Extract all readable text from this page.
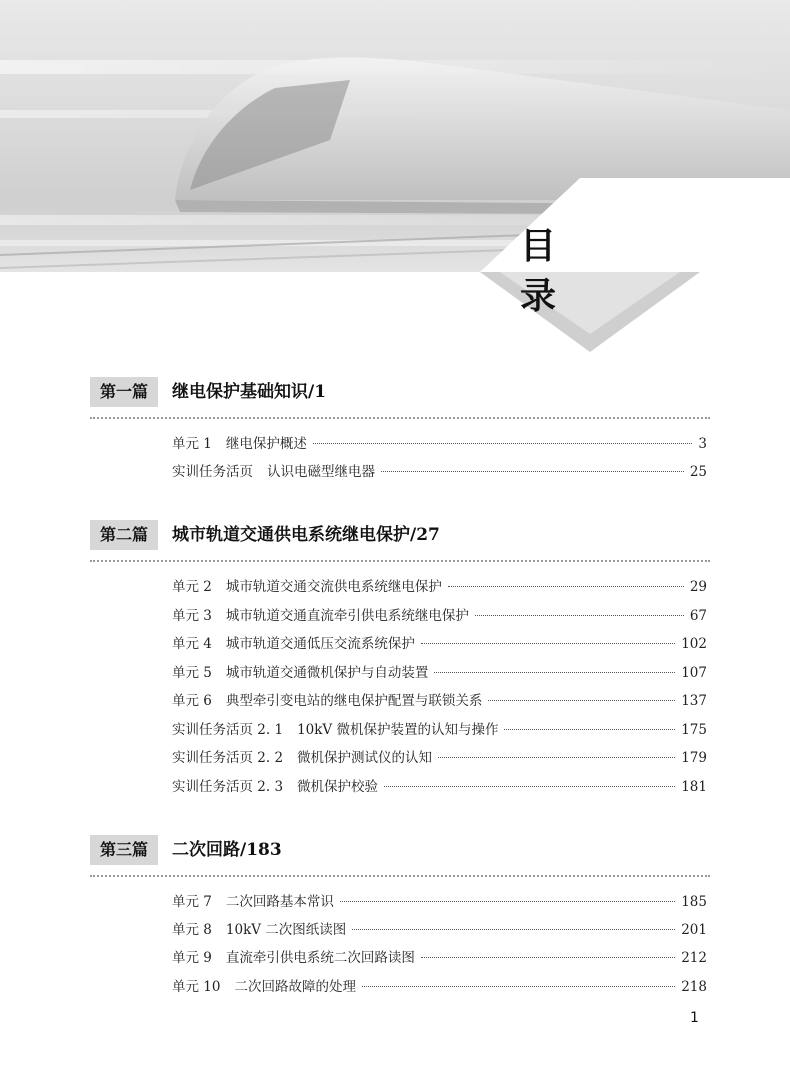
目 录
第一篇	继电保护基础知识/1
单元 1 继电保护概述	3
实训任务活页 认识电磁型继电器	25
第二篇	城市轨道交通供电系统继电保护/27
单元 2 城市轨道交通交流供电系统继电保护	29
单元 3 城市轨道交通直流牵引供电系统继电保护	67
单元 4 城市轨道交通低压交流系统保护	102
单元 5 城市轨道交通微机保护与自动装置	107
单元 6 典型牵引变电站的继电保护配置与联锁关系	137
实训任务活页 2. 1 10kV 微机保护装置的认知与操作	175
实训任务活页 2. 2 微机保护测试仪的认知	179
实训任务活页 2. 3 微机保护校验	181
第三篇	二次回路/183
单元 7 二次回路基本常识	185
单元 8 10kV 二次图纸读图	201
单元 9 直流牵引供电系统二次回路读图	212
单元 10 二次回路故障的处理	218
1
